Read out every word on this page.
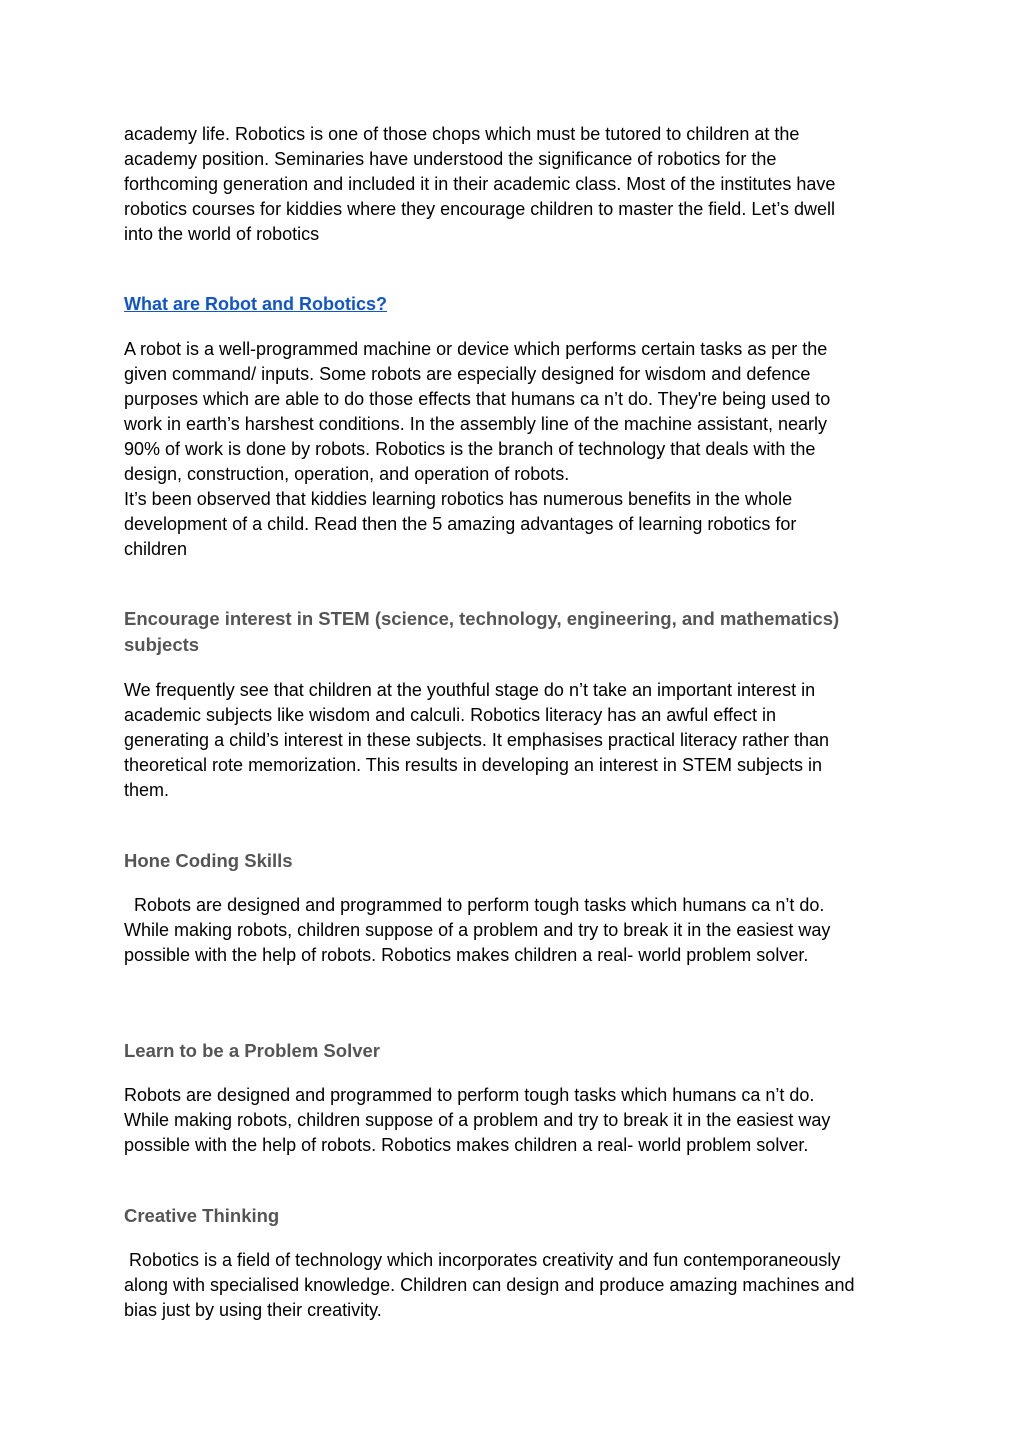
academy life. Robotics is one of those chops which must be tutored to children at the
academy position. Seminaries have understood the significance of robotics for the
forthcoming generation and included it in their academic class. Most of the institutes have
robotics courses for kiddies where they encourage children to master the field. Let’s dwell
into the world of robotics

What are Robot and Robotics?

A robot is a well-programmed machine or device which performs certain tasks as per the
given command/ inputs. Some robots are especially designed for wisdom and defence
purposes which are able to do those effects that humans ca n’t do. They're being used to
work in earth’s harshest conditions. In the assembly line of the machine assistant, nearly
90% of work is done by robots. Robotics is the branch of technology that deals with the
design, construction, operation, and operation of robots.
It’s been observed that kiddies learning robotics has numerous benefits in the whole
development of a child. Read then the 5 amazing advantages of learning robotics for
children

Encourage interest in STEM (science, technology, engineering, and mathematics)
subjects

We frequently see that children at the youthful stage do n’t take an important interest in
academic subjects like wisdom and calculi. Robotics literacy has an awful effect in
generating a child’s interest in these subjects. It emphasises practical literacy rather than
theoretical rote memorization. This results in developing an interest in STEM subjects in
them.

Hone Coding Skills

Robots are designed and programmed to perform tough tasks which humans ca n’t do.
While making robots, children suppose of a problem and try to break it in the easiest way
possible with the help of robots. Robotics makes children a real- world problem solver.

Learn to be a Problem Solver

Robots are designed and programmed to perform tough tasks which humans ca n’t do.
While making robots, children suppose of a problem and try to break it in the easiest way
possible with the help of robots. Robotics makes children a real- world problem solver.

Creative Thinking

Robotics is a field of technology which incorporates creativity and fun contemporaneously
along with specialised knowledge. Children can design and produce amazing machines and
bias just by using their creativity.
